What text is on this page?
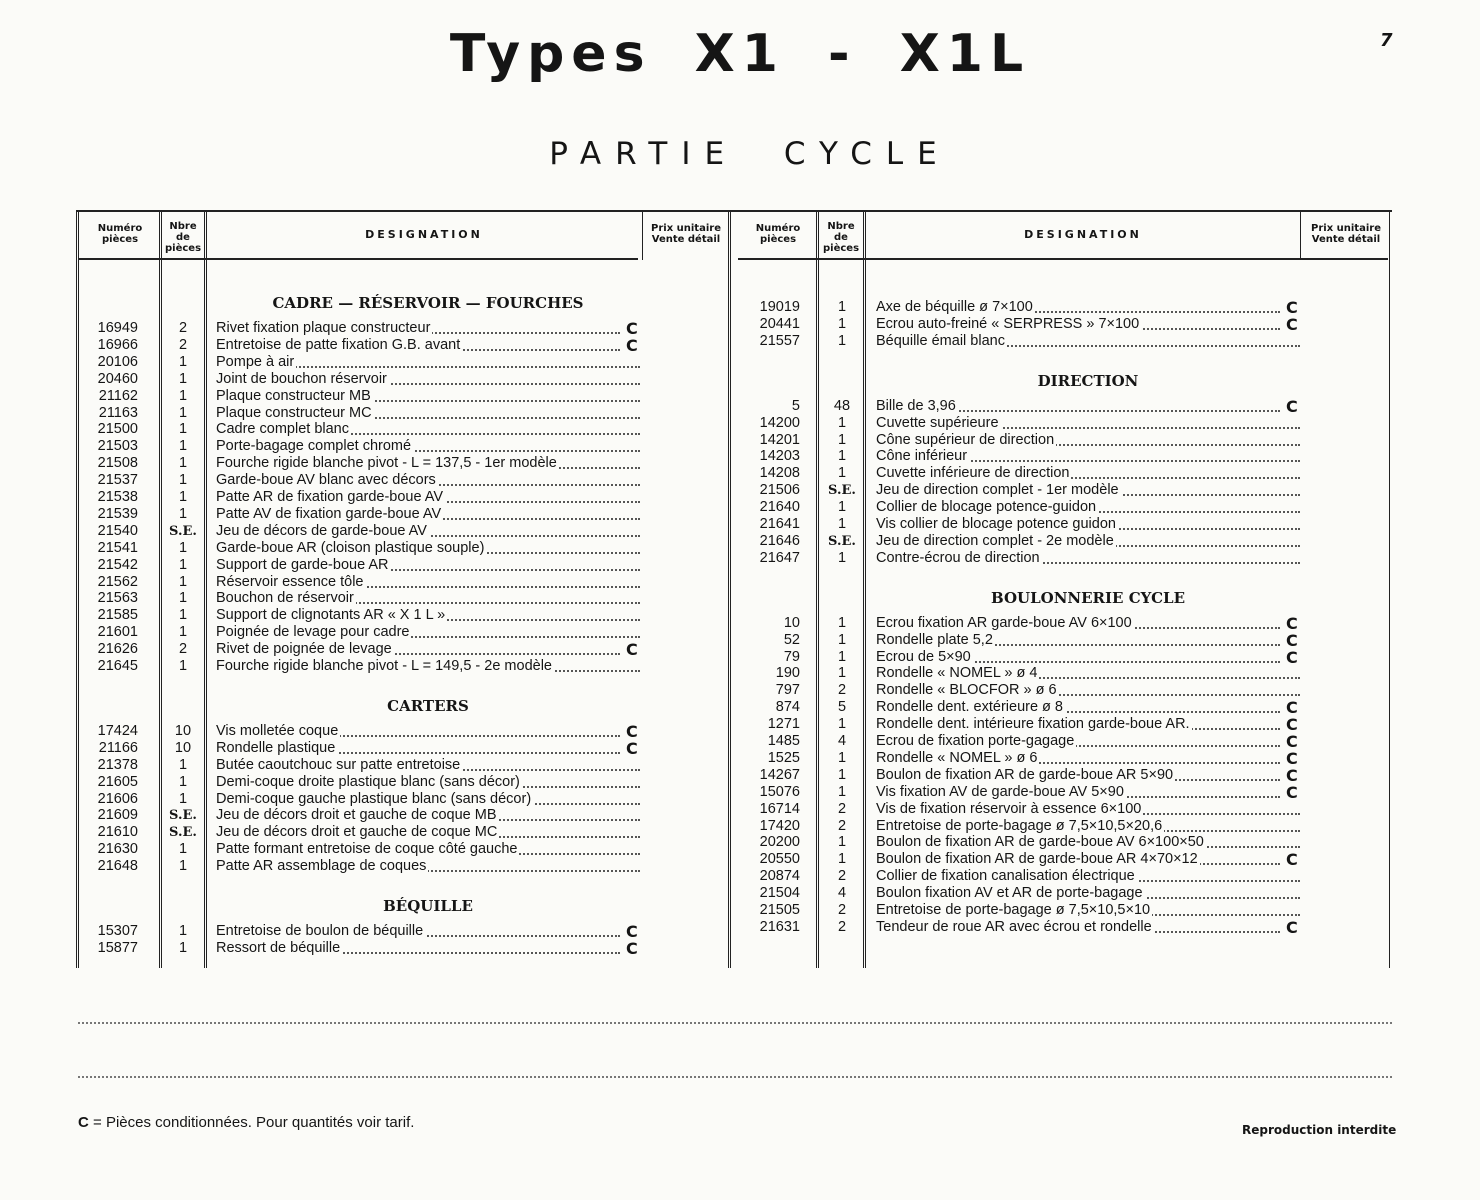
Types X1 - X1L	7
PARTIE CYCLE
Numéro pièces
Nbre de pièces
DESIGNATION	Prix unitaire Vente détail
Numéro pièces
Nbre de pièces
DESIGNATION	Prix unitaire Vente détail
CADRE — RÉSERVOIR — FOURCHES
16949	2	Rivet fixation plaque constructeur	C
16966	2	Entretoise de patte fixation G.B. avant	C
20106	1	Pompe à air
20460	1	Joint de bouchon réservoir
21162	1	Plaque constructeur MB
21163	1	Plaque constructeur MC
21500	1	Cadre complet blanc
21503	1	Porte-bagage complet chromé
21508	1	Fourche rigide blanche pivot - L = 137,5 - 1er modèle
21537	1	Garde-boue AV blanc avec décors
21538	1	Patte AR de fixation garde-boue AV
21539	1	Patte AV de fixation garde-boue AV
21540	S.E.	Jeu de décors de garde-boue AV
21541	1	Garde-boue AR (cloison plastique souple)
21542	1	Support de garde-boue AR
21562	1	Réservoir essence tôle
21563	1	Bouchon de réservoir
21585	1	Support de clignotants AR « X 1 L »
21601	1	Poignée de levage pour cadre
21626	2	Rivet de poignée de levage	C
21645	1	Fourche rigide blanche pivot - L = 149,5 - 2e modèle
CARTERS
17424	10	Vis molletée coque	C
21166	10	Rondelle plastique	C
21378	1	Butée caoutchouc sur patte entretoise
21605	1	Demi-coque droite plastique blanc (sans décor)
21606	1	Demi-coque gauche plastique blanc (sans décor)
21609	S.E.	Jeu de décors droit et gauche de coque MB
21610	S.E.	Jeu de décors droit et gauche de coque MC
21630	1	Patte formant entretoise de coque côté gauche
21648	1	Patte AR assemblage de coques
BÉQUILLE
15307	1	Entretoise de boulon de béquille	C
15877	1	Ressort de béquille	C
19019	1	Axe de béquille ø 7×100	C
20441	1	Ecrou auto-freiné « SERPRESS » 7×100	C
21557	1	Béquille émail blanc
DIRECTION
5	48	Bille de 3,96	C
14200	1	Cuvette supérieure
14201	1	Cône supérieur de direction
14203	1	Cône inférieur
14208	1	Cuvette inférieure de direction
21506	S.E.	Jeu de direction complet - 1er modèle
21640	1	Collier de blocage potence-guidon
21641	1	Vis collier de blocage potence guidon
21646	S.E.	Jeu de direction complet - 2e modèle
21647	1	Contre-écrou de direction
BOULONNERIE CYCLE
10	1	Ecrou fixation AR garde-boue AV 6×100	C
52	1	Rondelle plate 5,2	C
79	1	Ecrou de 5×90	C
190	1	Rondelle « NOMEL » ø 4
797	2	Rondelle « BLOCFOR » ø 6
874	5	Rondelle dent. extérieure ø 8	C
1271	1	Rondelle dent. intérieure fixation garde-boue AR.	C
1485	4	Ecrou de fixation porte-gagage	C
1525	1	Rondelle « NOMEL » ø 6	C
14267	1	Boulon de fixation AR de garde-boue AR 5×90	C
15076	1	Vis fixation AV de garde-boue AV 5×90	C
16714	2	Vis de fixation réservoir à essence 6×100
17420	2	Entretoise de porte-bagage ø 7,5×10,5×20,6
20200	1	Boulon de fixation AR de garde-boue AV 6×100×50
20550	1	Boulon de fixation AR de garde-boue AR 4×70×12	C
20874	2	Collier de fixation canalisation électrique
21504	4	Boulon fixation AV et AR de porte-bagage
21505	2	Entretoise de porte-bagage ø 7,5×10,5×10
21631	2	Tendeur de roue AR avec écrou et rondelle	C
C = Pièces conditionnées. Pour quantités voir tarif.	Reproduction interdite
